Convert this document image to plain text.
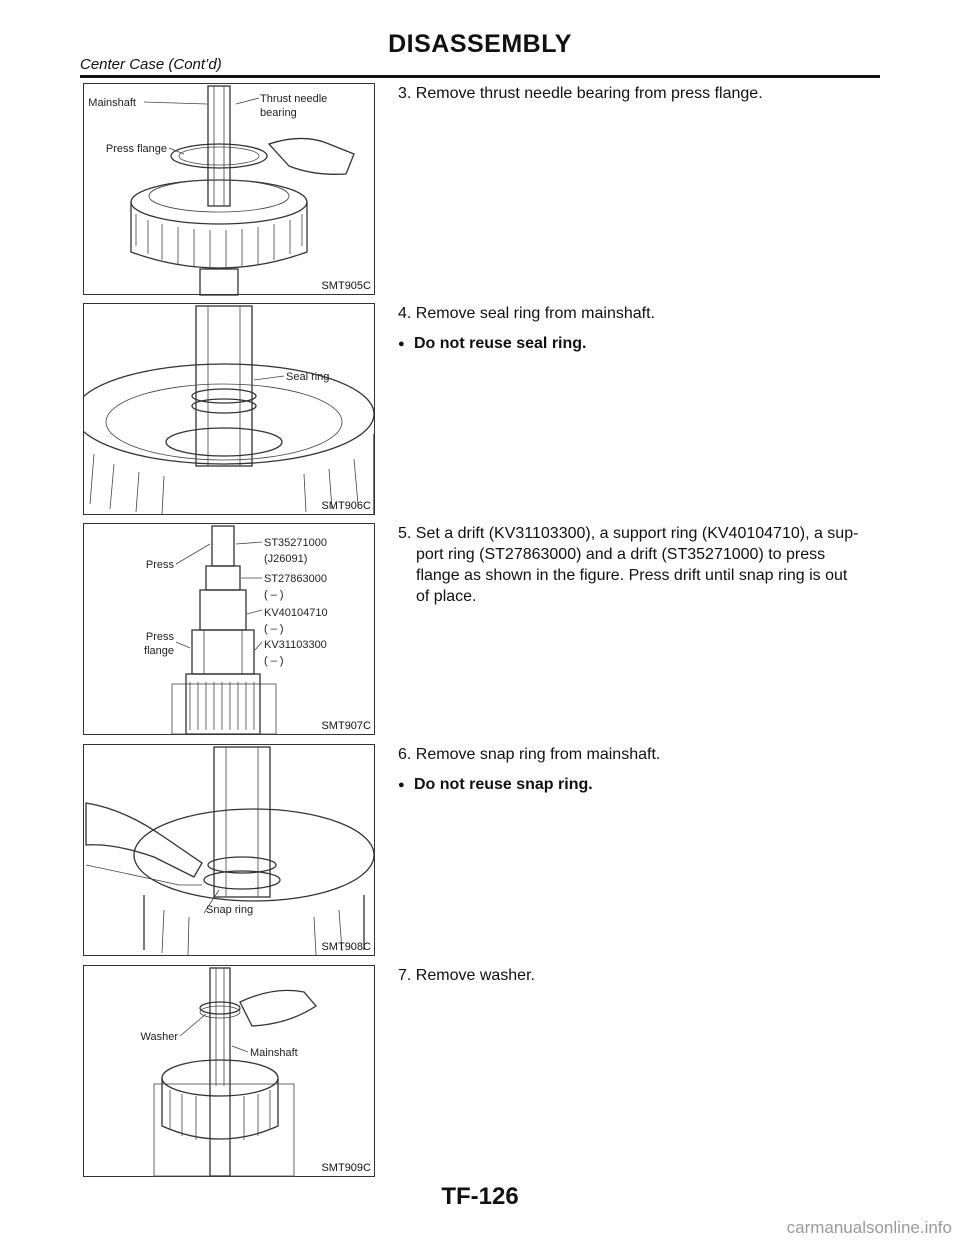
DISASSEMBLY
Center Case (Cont’d)
Mainshaft	Thrust needle
bearing
Press flange
SMT905C

3. Remove thrust needle bearing from press flange.

Seal ring
SMT906C

4. Remove seal ring from mainshaft.

● Do not reuse seal ring.
Press
Press
flange
ST35271000
(J26091)
ST27863000
( – )
KV40104710
( – )
KV31103300
( – )
SMT907C

5. Set a drift (KV31103300), a support ring (KV40104710), a sup-

port ring (ST27863000) and a drift (ST35271000) to press

flange as shown in the figure. Press drift until snap ring is out

of place.

Snap ring
SMT908C

6. Remove snap ring from mainshaft.

● Do not reuse snap ring.
Washer
Mainshaft
SMT909C

7. Remove washer.

TF-126
carmanualsonline.info
